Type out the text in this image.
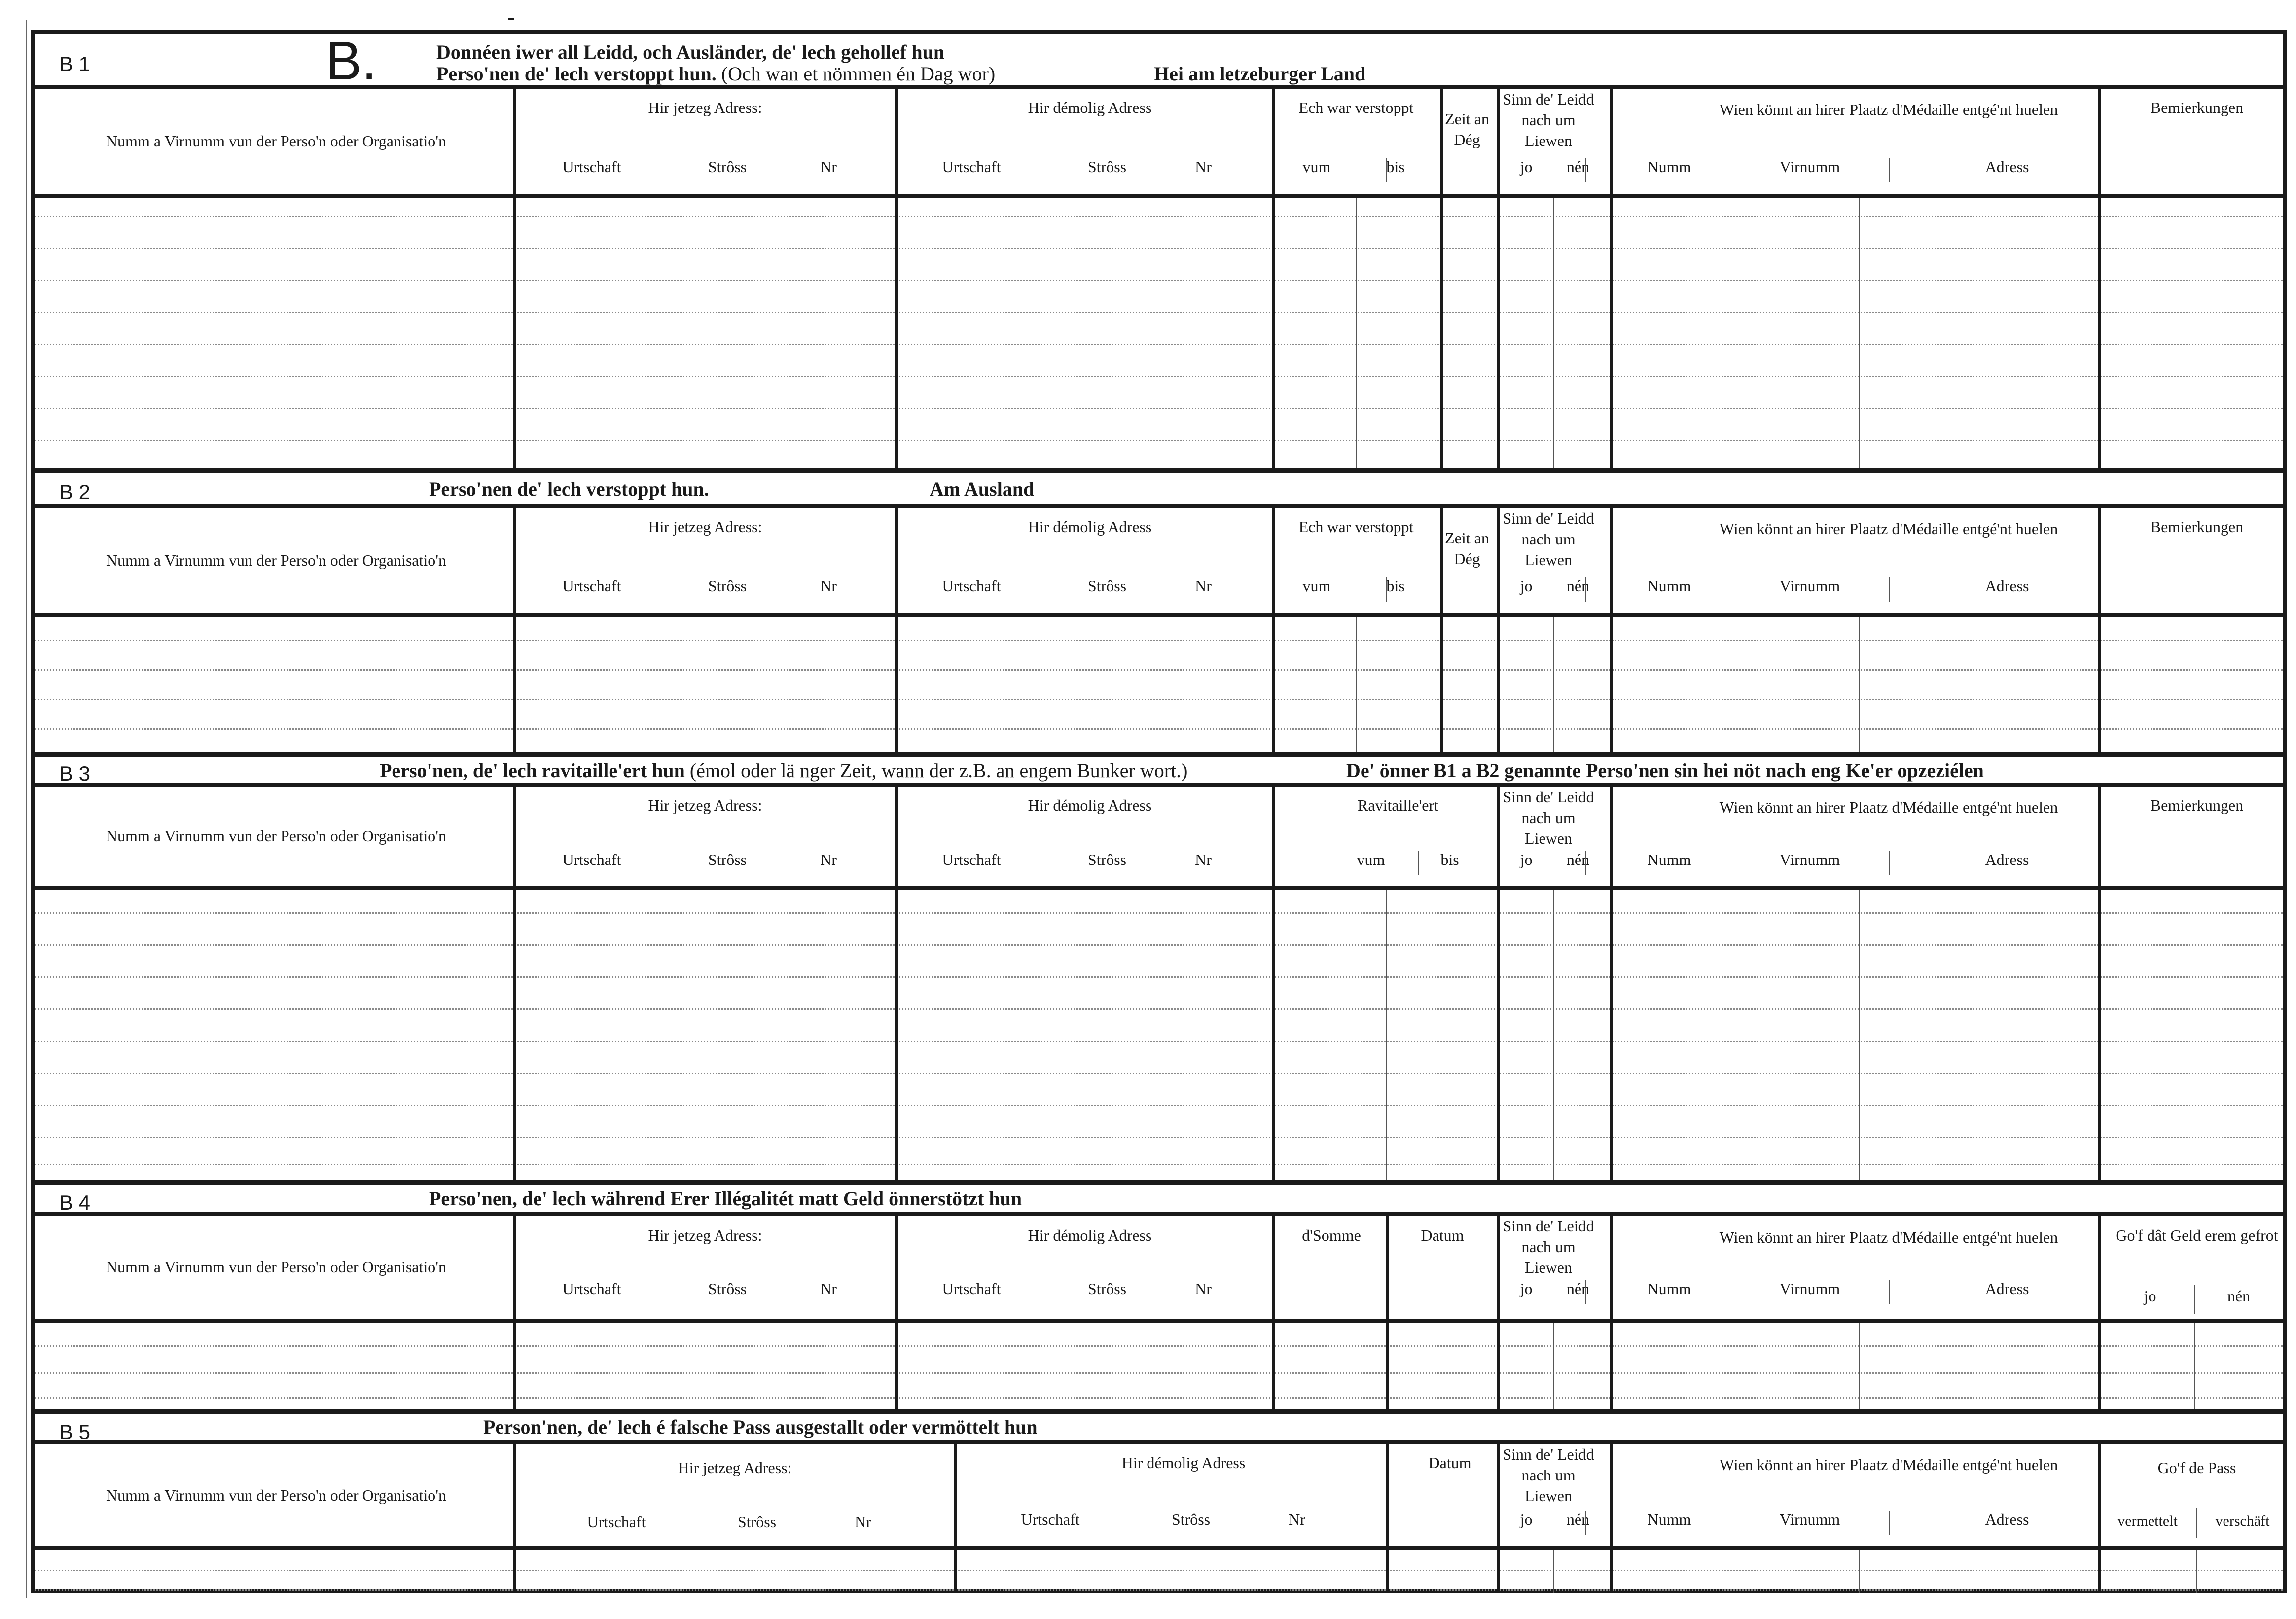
B 1	B.	Donnéen iwer all Leidd, och Ausländer, de' lech gehollef hun
Perso'nen de' lech verstoppt hun. (Och wan et nömmen én Dag wor)	Hei am letzeburger Land
Numm a Virnumm vun der Perso'n oder Organisatio'n
Hir jetzeg Adress:
Urtschaft	Strôss	Nr
Hir démolig Adress
Urtschaft	Strôss	Nr
Ech war verstoppt
vum	bis
Zeit an Dég
Sinn de' Leidd nach um Liewen
jo	nén
Wien könnt an hirer Plaatz d'Médaille entgé'nt huelen
Numm	Virnumm	Adress
Bemierkungen
B 2	Perso'nen de' lech verstoppt hun.	Am Ausland
Numm a Virnumm vun der Perso'n oder Organisatio'n
Hir jetzeg Adress:
Urtschaft	Strôss	Nr
Hir démolig Adress
Urtschaft	Strôss	Nr
Ech war verstoppt
vum	bis
Zeit an Dég
Sinn de' Leidd nach um Liewen
jo	nén
Wien könnt an hirer Plaatz d'Médaille entgé'nt huelen
Numm	Virnumm	Adress
Bemierkungen
B 3	Perso'nen, de' lech ravitaille'ert hun (émol oder lä nger Zeit, wann der z.B. an engem Bunker wort.)	De' önner B1 a B2 genannte Perso'nen sin hei nöt nach eng Ke'er opzeziélen
Numm a Virnumm vun der Perso'n oder Organisatio'n
Hir jetzeg Adress:
Urtschaft	Strôss	Nr
Hir démolig Adress
Urtschaft	Strôss	Nr
Ravitaille'ert
vum	bis
Sinn de' Leidd nach um Liewen
jo	nén
Wien könnt an hirer Plaatz d'Médaille entgé'nt huelen
Numm	Virnumm	Adress
Bemierkungen
B 4	Perso'nen, de' lech während Erer Illégalitét matt Geld önnerstötzt hun
Numm a Virnumm vun der Perso'n oder Organisatio'n
Hir jetzeg Adress:
Urtschaft	Strôss	Nr
Hir démolig Adress
Urtschaft	Strôss	Nr
d'Somme	Datum
Sinn de' Leidd nach um Liewen
jo	nén
Wien könnt an hirer Plaatz d'Médaille entgé'nt huelen
Numm	Virnumm	Adress
Go'f dât Geld erem gefrot
jo	nén
B 5	Person'nen, de' lech é falsche Pass ausgestallt oder vermöttelt hun
Numm a Virnumm vun der Perso'n oder Organisatio'n
Hir jetzeg Adress:
Urtschaft	Strôss	Nr
Hir démolig Adress
Urtschaft	Strôss	Nr
Datum	Sinn de' Leidd nach um Liewen
jo	nén
Wien könnt an hirer Plaatz d'Médaille entgé'nt huelen
Numm	Virnumm	Adress
Go'f de Pass
vermettelt	verschäft
